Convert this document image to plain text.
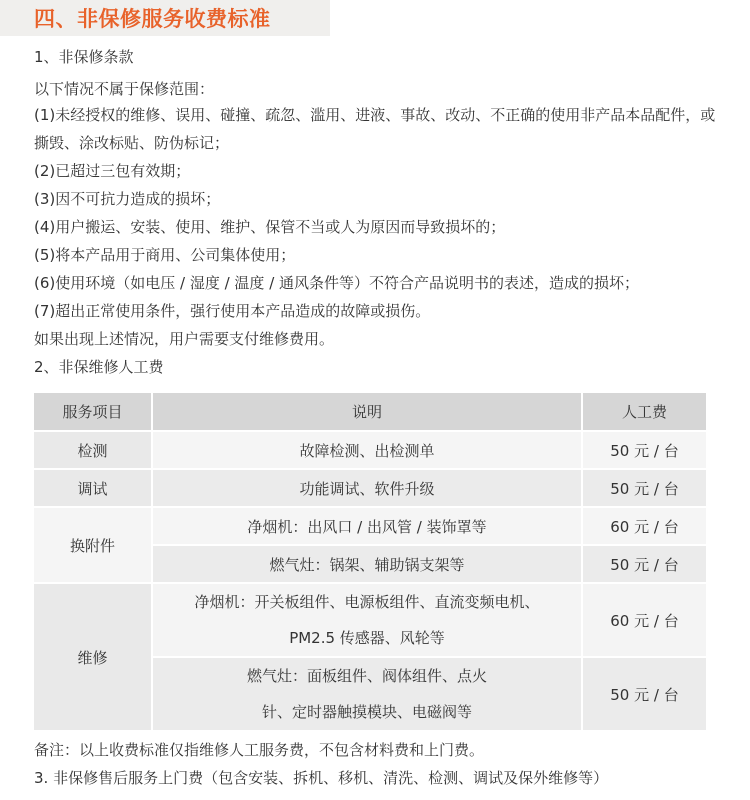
四、非保修服务收费标准
1、非保修条款
以下情况不属于保修范围：
(1)未经授权的维修、误用、碰撞、疏忽、滥用、进液、事故、改动、不正确的使用非产品本品配件，或
撕毁、涂改标贴、防伪标记；
(2)已超过三包有效期；
(3)因不可抗力造成的损坏；
(4)用户搬运、安装、使用、维护、保管不当或人为原因而导致损坏的；
(5)将本产品用于商用、公司集体使用；
(6)使用环境（如电压 / 湿度 / 温度 / 通风条件等）不符合产品说明书的表述，造成的损坏；
(7)超出正常使用条件，强行使用本产品造成的故障或损伤。
如果出现上述情况，用户需要支付维修费用。
2、非保维修人工费
服务项目	说明	人工费
检测	故障检测、出检测单	50 元 / 台
调试	功能调试、软件升级	50 元 / 台
换附件	净烟机：出风口 / 出风管 / 装饰罩等	60 元 / 台
	燃气灶：锅架、辅助锅支架等	50 元 / 台
维修	净烟机：开关板组件、电源板组件、直流变频电机、
PM2.5 传感器、风轮等	60 元 / 台

	燃气灶：面板组件、阀体组件、点火
针、定时器触摸模块、电磁阀等	50 元 / 台
备注：以上收费标准仅指维修人工服务费，不包含材料费和上门费。
3. 非保修售后服务上门费（包含安装、拆机、移机、清洗、检测、调试及保外维修等）
